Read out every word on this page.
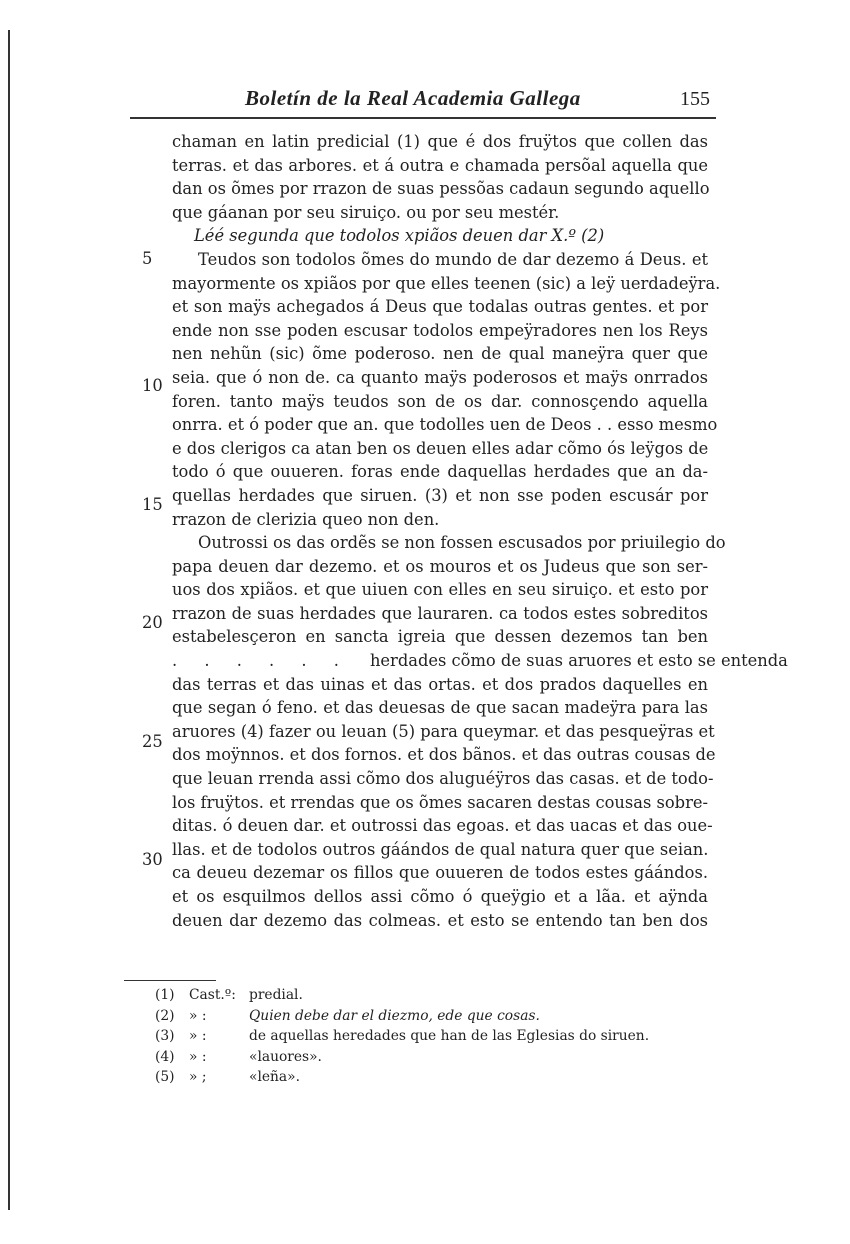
Boletín de la Real Academia Gallega	155
5
10
15
20
25
30
chaman en latin predicial (1) que é dos fruÿtos que collen das
terras. et das arbores. et á outra e chamada persõal aquella que
dan os õmes por rrazon de suas pessõas cadaun segundo aquello
que gáanan por seu siruiço. ou por seu mestér.
Léé segunda que todolos xpiãos deuen dar X.º (2)
Teudos son todolos õmes do mundo de dar dezemo á Deus. et
mayormente os xpiãos por que elles teenen (sic) a leÿ uerdadeÿra.
et son maÿs achegados á Deus que todalas outras gentes. et por
ende non sse poden escusar todolos empeÿradores nen los Reys
nen nehũn (sic) õme poderoso. nen de qual maneÿra quer que
seia. que ó non de. ca quanto maÿs poderosos et maÿs onrrados
foren. tanto maÿs teudos son de os dar. connosçendo aquella
onrra. et ó poder que an. que todolles uen de Deos . . esso mesmo
e dos clerigos ca atan ben os deuen elles adar cõmo ós leÿgos de
todo ó que ouueren. foras ende daquellas herdades que an da-
quellas herdades que siruen. (3) et non sse poden escusár por
rrazon de clerizia queo non den.
Outrossi os das ordẽs se non fossen escusados por priuilegio do
papa deuen dar dezemo. et os mouros et os Judeus que son ser-
uos dos xpiãos. et que uiuen con elles en seu siruiço. et esto por
rrazon de suas herdades que lauraren. ca todos estes sobreditos
estabelesçeron en sancta igreia que dessen dezemos tan ben
. . . . . . herdades cõmo de suas aruores et esto se entenda
das terras et das uinas et das ortas. et dos prados daquelles en
que segan ó feno. et das deuesas de que sacan madeÿra para las
aruores (4) fazer ou leuan (5) para queymar. et das pesqueÿras et
dos moÿnnos. et dos fornos. et dos bãnos. et das outras cousas de
que leuan rrenda assi cõmo dos aluguéÿros das casas. et de todo-
los fruÿtos. et rrendas que os õmes sacaren destas cousas sobre-
ditas. ó deuen dar. et outrossi das egoas. et das uacas et das oue-
llas. et de todolos outros gáándos de qual natura quer que seian.
ca deueu dezemar os fillos que ouueren de todos estes gáándos.
et os esquilmos dellos assi cõmo ó queÿgio et a lãa. et aÿnda
deuen dar dezemo das colmeas. et esto se entendo tan ben dos
(1) Cast.º: predial.
(2) » :	Quien debe dar el diezmo, ede que cosas.
(3) » :	de aquellas heredades que han de las Eglesias do siruen.
(4) » :	«lauores».
(5) » ;	«leña».
